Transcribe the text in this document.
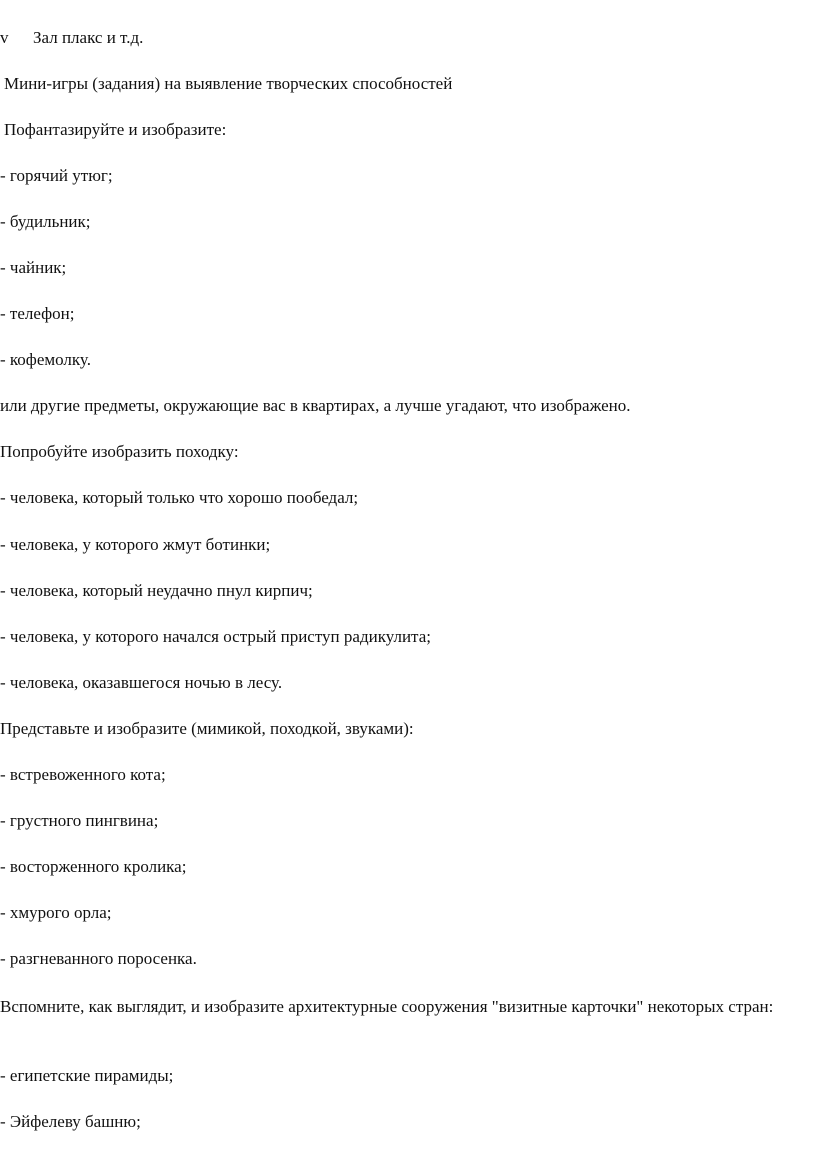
v Зал плакс и т.д.
Мини-игры (задания) на выявление творческих способностей
Пофантазируйте и изобразите:
- горячий утюг;
- будильник;
- чайник;
- телефон;
- кофемолку.
или другие предметы, окружающие вас в квартирах, а лучше угадают, что изображено.
Попробуйте изобразить походку:
- человека, который только что хорошо пообедал;
- человека, у которого жмут ботинки;
- человека, который неудачно пнул кирпич;
- человека, у которого начался острый приступ радикулита;
- человека, оказавшегося ночью в лесу.
Представьте и изобразите (мимикой, походкой, звуками):
- встревоженного кота;
- грустного пингвина;
- восторженного кролика;
- хмурого орла;
- разгневанного поросенка.
Вспомните, как выглядит, и изобразите архитектурные сооружения "визитные карточки" некоторых стран:
- египетские пирамиды;
- Эйфелеву башню;
